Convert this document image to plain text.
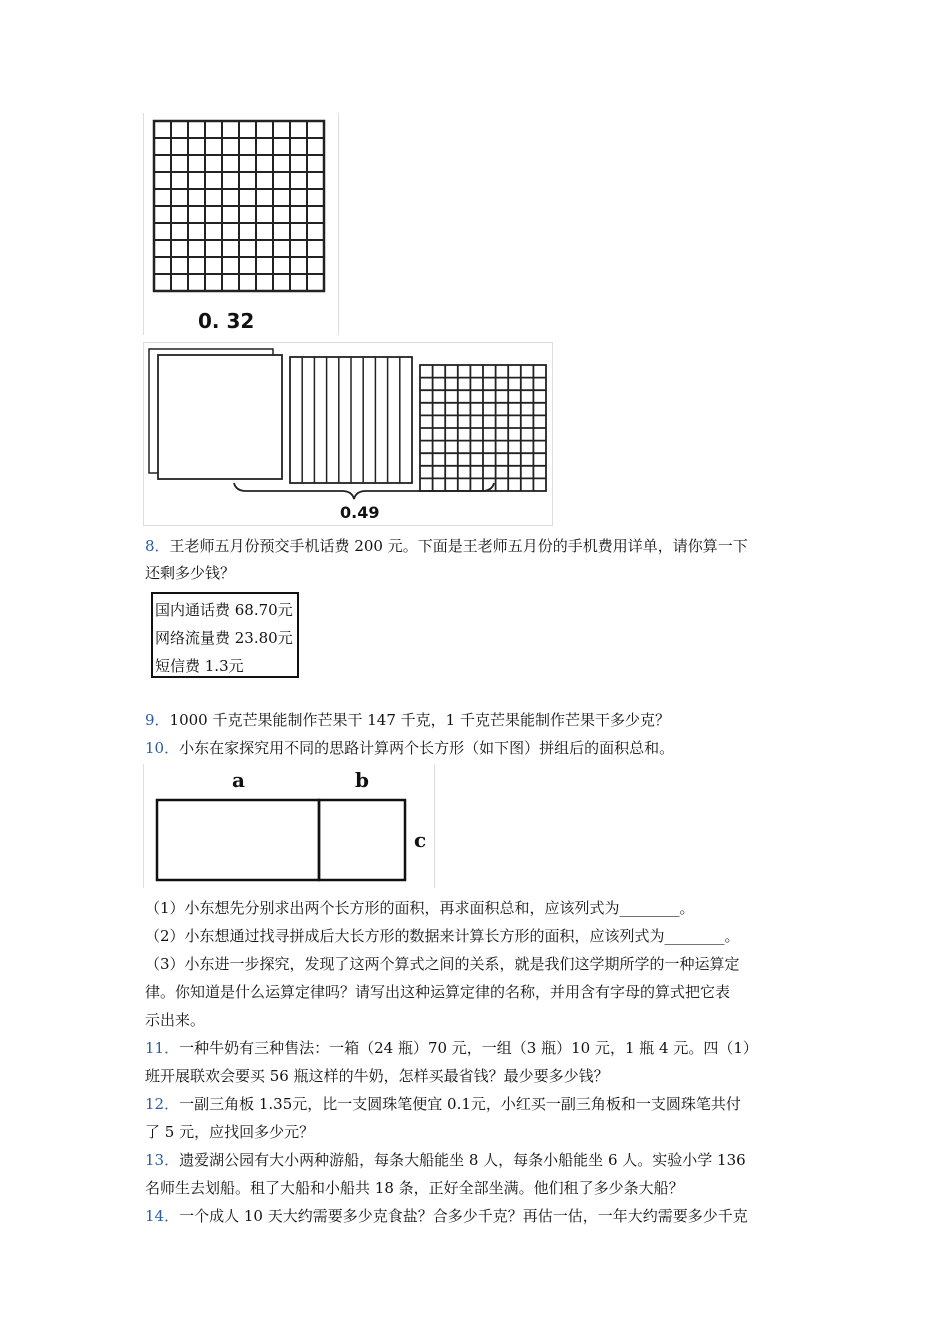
0. 32
0.49
8．王老师五月份预交手机话费 200 元。下面是王老师五月份的手机费用详单，请你算一下
还剩多少钱？
国内通话费 68.70元
网络流量费 23.80元
短信费 1.3元
9．1000 千克芒果能制作芒果干 147 千克，1 千克芒果能制作芒果干多少克？
10．小东在家探究用不同的思路计算两个长方形（如下图）拼组后的面积总和。
a	b
c
（1）小东想先分别求出两个长方形的面积，再求面积总和，应该列式为________。
（2）小东想通过找寻拼成后大长方形的数据来计算长方形的面积，应该列式为________。
（3）小东进一步探究，发现了这两个算式之间的关系，就是我们这学期所学的一种运算定
律。你知道是什么运算定律吗？请写出这种运算定律的名称，并用含有字母的算式把它表
示出来。
11．一种牛奶有三种售法：一箱（24 瓶）70 元，一组（3 瓶）10 元，1 瓶 4 元。四（1）
班开展联欢会要买 56 瓶这样的牛奶，怎样买最省钱？最少要多少钱？
12．一副三角板 1.35元，比一支圆珠笔便宜 0.1元，小红买一副三角板和一支圆珠笔共付
了 5 元，应找回多少元？
13．遗爱湖公园有大小两种游船，每条大船能坐 8 人，每条小船能坐 6 人。实验小学 136
名师生去划船。租了大船和小船共 18 条，正好全部坐满。他们租了多少条大船？
14．一个成人 10 天大约需要多少克食盐？合多少千克？再估一估，一年大约需要多少千克
